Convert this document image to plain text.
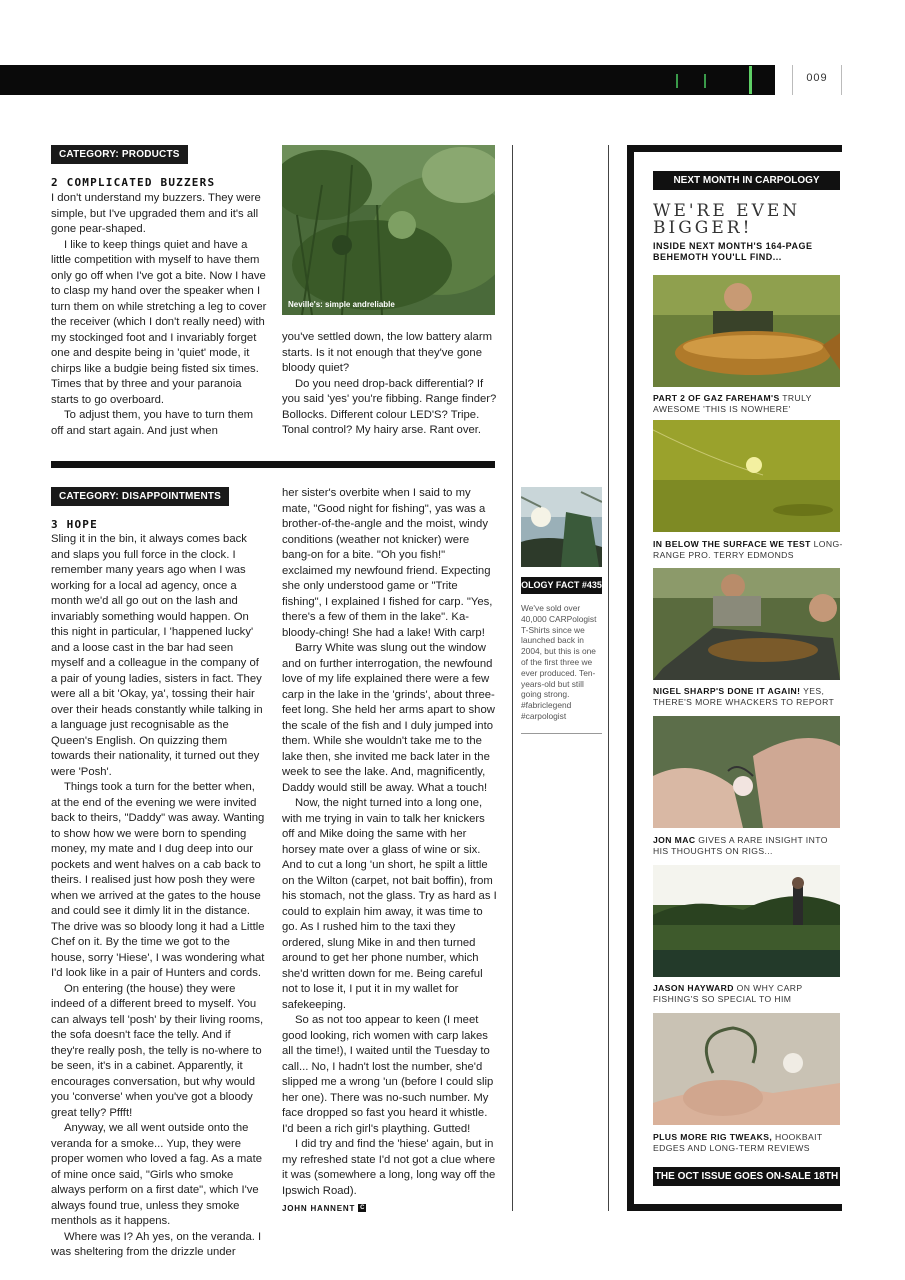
009
CATEGORY: PRODUCTS
2 COMPLICATED BUZZERS

I don't understand my buzzers. They were simple, but I've upgraded them and it's all gone pear-shaped.

I like to keep things quiet and have a little competition with myself to have them only go off when I've got a bite. Now I have to clasp my hand over the speaker when I turn them on while stretching a leg to cover the receiver (which I don't really need) with my stockinged foot and I invariably forget one and despite being in 'quiet' mode, it chirps like a budgie being fisted six times. Times that by three and your paranoia starts to go overboard.

To adjust them, you have to turn them off and start again. And just when

Neville's: simple andreliable

you've settled down, the low battery alarm starts. Is it not enough that they've gone bloody quiet?

Do you need drop-back differential? If you said 'yes' you're fibbing. Range finder? Bollocks. Different colour LED'S? Tripe. Tonal control? My hairy arse. Rant over.

CATEGORY: DISAPPOINTMENTS
3 HOPE

Sling it in the bin, it always comes back and slaps you full force in the clock. I remember many years ago when I was working for a local ad agency, once a month we'd all go out on the lash and invariably something would happen. On this night in particular, I 'happened lucky' and a loose cast in the bar had seen myself and a colleague in the company of a pair of young ladies, sisters in fact. They were all a bit 'Okay, ya', tossing their hair over their heads constantly while talking in a language just recognisable as the Queen's English. On quizzing them towards their nationality, it turned out they were 'Posh'.

Things took a turn for the better when, at the end of the evening we were invited back to theirs, "Daddy" was away. Wanting to show how we were born to spending money, my mate and I dug deep into our pockets and went halves on a cab back to theirs. I realised just how posh they were when we arrived at the gates to the house and could see it dimly lit in the distance. The drive was so bloody long it had a Little Chef on it. By the time we got to the house, sorry 'Hiese', I was wondering what I'd look like in a pair of Hunters and cords.

On entering (the house) they were indeed of a different breed to myself. You can always tell 'posh' by their living rooms, the sofa doesn't face the telly. And if they're really posh, the telly is no-where to be seen, it's in a cabinet. Apparently, it encourages conversation, but why would you 'converse' when you've got a bloody great telly? Pffft!

Anyway, we all went outside onto the veranda for a smoke... Yup, they were proper women who loved a fag. As a mate of mine once said, "Girls who smoke always perform on a first date", which I've always found true, unless they smoke menthols as it happens.

Where was I? Ah yes, on the veranda. I was sheltering from the drizzle under

her sister's overbite when I said to my mate, "Good night for fishing", yas was a brother-of-the-angle and the moist, windy conditions (weather not knicker) were bang-on for a bite. "Oh you fish!" exclaimed my newfound friend. Expecting she only understood game or "Trite fishing", I explained I fished for carp. "Yes, there's a few of them in the lake". Ka-bloody-ching! She had a lake! With carp!

Barry White was slung out the window and on further interrogation, the newfound love of my life explained there were a few carp in the lake in the 'grinds', about three-feet long. She held her arms apart to show the scale of the fish and I duly jumped into them. While she wouldn't take me to the lake then, she invited me back later in the week to see the lake. And, magnificently, Daddy would still be away. What a touch!

Now, the night turned into a long one, with me trying in vain to talk her knickers off and Mike doing the same with her horsey mate over a glass of wine or six. And to cut a long 'un short, he spilt a little on the Wilton (carpet, not bait boffin), from his stomach, not the glass. Try as hard as I could to explain him away, it was time to go. As I rushed him to the taxi they ordered, slung Mike in and then turned around to get her phone number, which she'd written down for me. Being careful not to lose it, I put it in my wallet for safekeeping.

So as not too appear to keen (I meet good looking, rich women with carp lakes all the time!), I waited until the Tuesday to call... No, I hadn't lost the number, she'd slipped me a wrong 'un (before I could slip her one). There was no-such number. My face dropped so fast you heard it whistle. I'd been a rich girl's plaything. Gutted!

I did try and find the 'hiese' again, but in my refreshed state I'd not got a clue where it was (somewhere a long, long way off the Ipswich Road).

JOHN HANNENT C
OLOGY FACT #435
We've sold over 40,000 CARPologist T-Shirts since we launched back in 2004, but this is one of the first three we ever produced. Ten-years-old but still going strong. #fabriclegend #carpologist
NEXT MONTH IN CARPOLOGY
WE'RE EVEN BIGGER!
INSIDE NEXT MONTH'S 164-PAGE BEHEMOTH YOU'LL FIND...
PART 2 OF GAZ FAREHAM'S TRULY AWESOME 'THIS IS NOWHERE'
IN BELOW THE SURFACE WE TEST LONG-RANGE PRO. TERRY EDMONDS
NIGEL SHARP'S DONE IT AGAIN! YES, THERE'S MORE WHACKERS TO REPORT
JON MAC GIVES A RARE INSIGHT INTO HIS THOUGHTS ON RIGS...
JASON HAYWARD ON WHY CARP FISHING'S SO SPECIAL TO HIM
PLUS MORE RIG TWEAKS, HOOKBAIT EDGES AND LONG-TERM REVIEWS
THE OCT ISSUE GOES ON-SALE 18TH SEP
